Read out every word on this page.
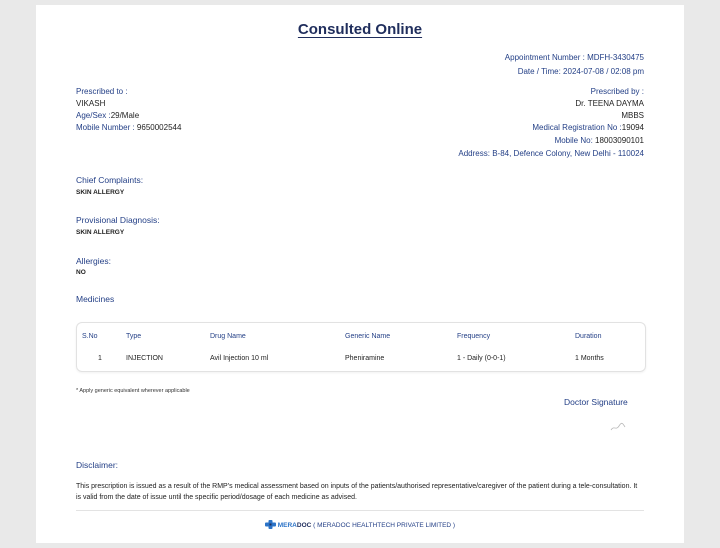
Consulted Online
Appointment Number : MDFH-3430475
Date / Time: 2024-07-08 / 02:08 pm
Prescribed to :
VIKASH
Age/Sex :29/Male
Mobile Number : 9650002544
Prescribed by :
Dr. TEENA DAYMA
MBBS
Medical Registration No :19094
Mobile No: 18003090101
Address: B-84, Defence Colony, New Delhi - 110024
Chief Complaints:
SKIN ALLERGY
Provisional Diagnosis:
SKIN ALLERGY
Allergies:
NO
Medicines
S.No	Type	Drug Name	Generic Name	Frequency	Duration
1	INJECTION	Avil Injection 10 ml	Pheniramine	1 - Daily (0-0-1)	1 Months
* Apply generic equivalent wherever applicable
Doctor Signature
Disclaimer:
This prescription is issued as a result of the RMP's medical assessment based on inputs of the patients/authorised representative/caregiver of the patient during a tele-consultation. It is valid from the date of issue until the specific period/dosage of each medicine as advised.
MERADOC ( MERADOC HEALTHTECH PRIVATE LIMITED )
